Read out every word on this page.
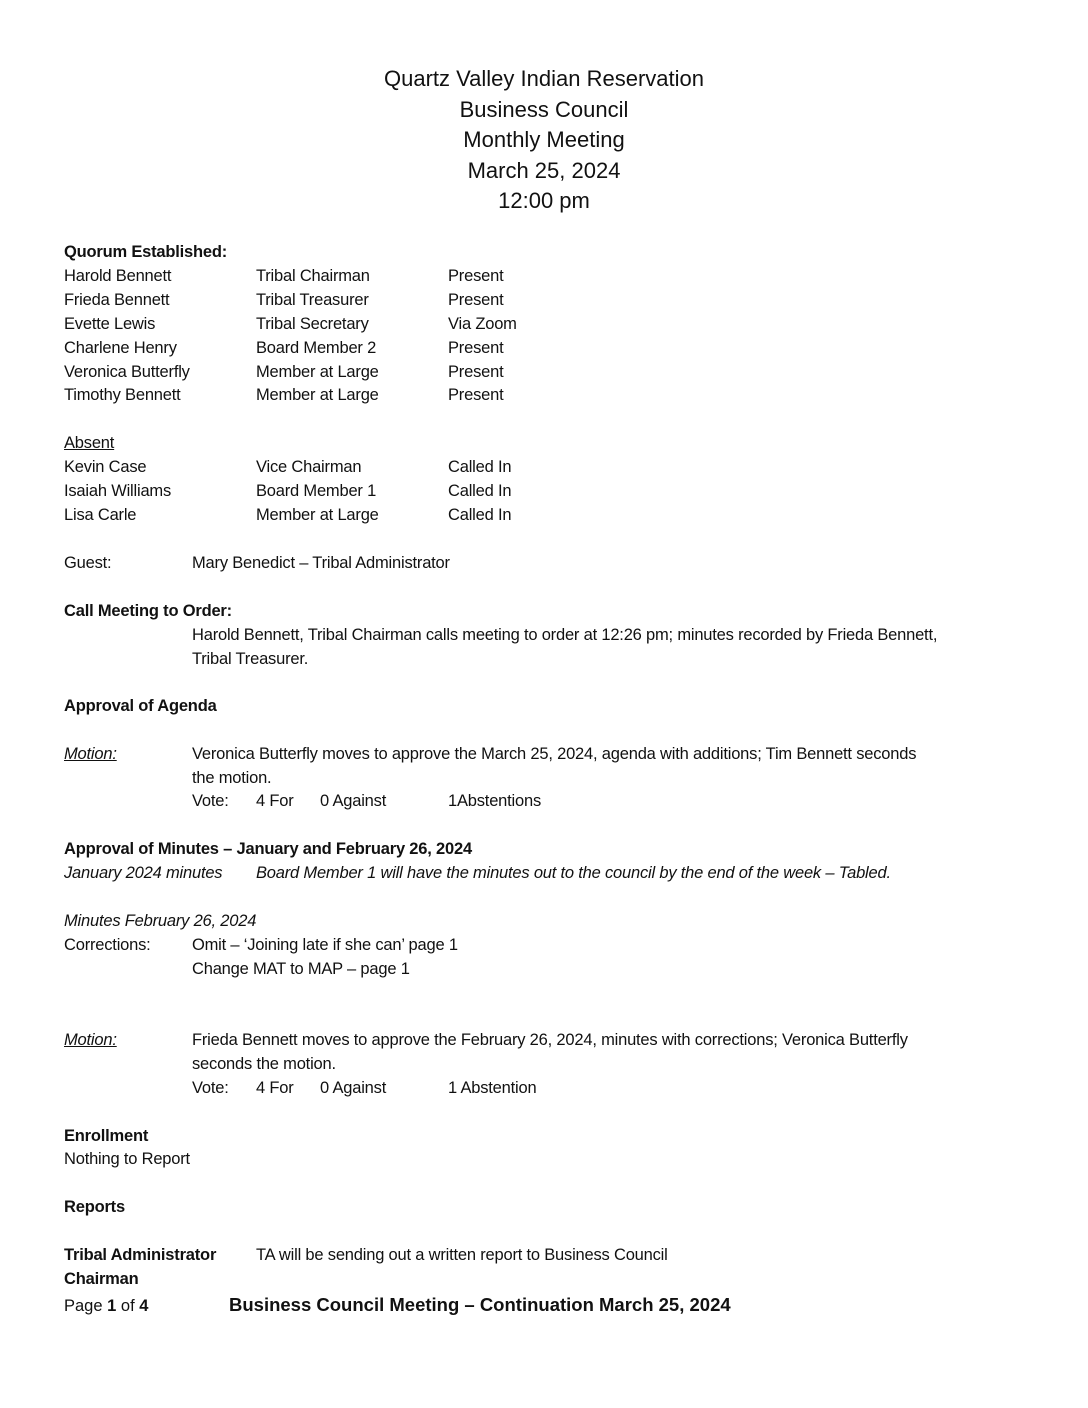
Quartz Valley Indian Reservation
Business Council
Monthly Meeting
March 25, 2024
12:00 pm
Quorum Established:
Harold Bennett	Tribal Chairman	Present
Frieda Bennett	Tribal Treasurer	Present
Evette Lewis	Tribal Secretary	Via Zoom
Charlene Henry	Board Member 2	Present
Veronica Butterfly	Member at Large	Present
Timothy Bennett	Member at Large	Present
Absent
Kevin Case	Vice Chairman	Called In
Isaiah Williams	Board Member 1	Called In
Lisa Carle	Member at Large	Called In
Guest:	Mary Benedict – Tribal Administrator
Call Meeting to Order:
Harold Bennett, Tribal Chairman calls meeting to order at 12:26 pm; minutes recorded by Frieda Bennett,
Tribal Treasurer.
Approval of Agenda
Motion:	Veronica Butterfly moves to approve the March 25, 2024, agenda with additions; Tim Bennett seconds
the motion.
Vote: 4 For 0 Against	1Abstentions
Approval of Minutes – January and February 26, 2024
January 2024 minutes Board Member 1 will have the minutes out to the council by the end of the week – Tabled.
Minutes February 26, 2024
Corrections:	Omit – ‘Joining late if she can’ page 1
Change MAT to MAP – page 1
Motion:	Frieda Bennett moves to approve the February 26, 2024, minutes with corrections; Veronica Butterfly
seconds the motion.
Vote: 4 For 0 Against	1 Abstention
Enrollment
Nothing to Report
Reports
Tribal Administrator TA will be sending out a written report to Business Council
Chairman
Page 1 of 4	Business Council Meeting – Continuation March 25, 2024
